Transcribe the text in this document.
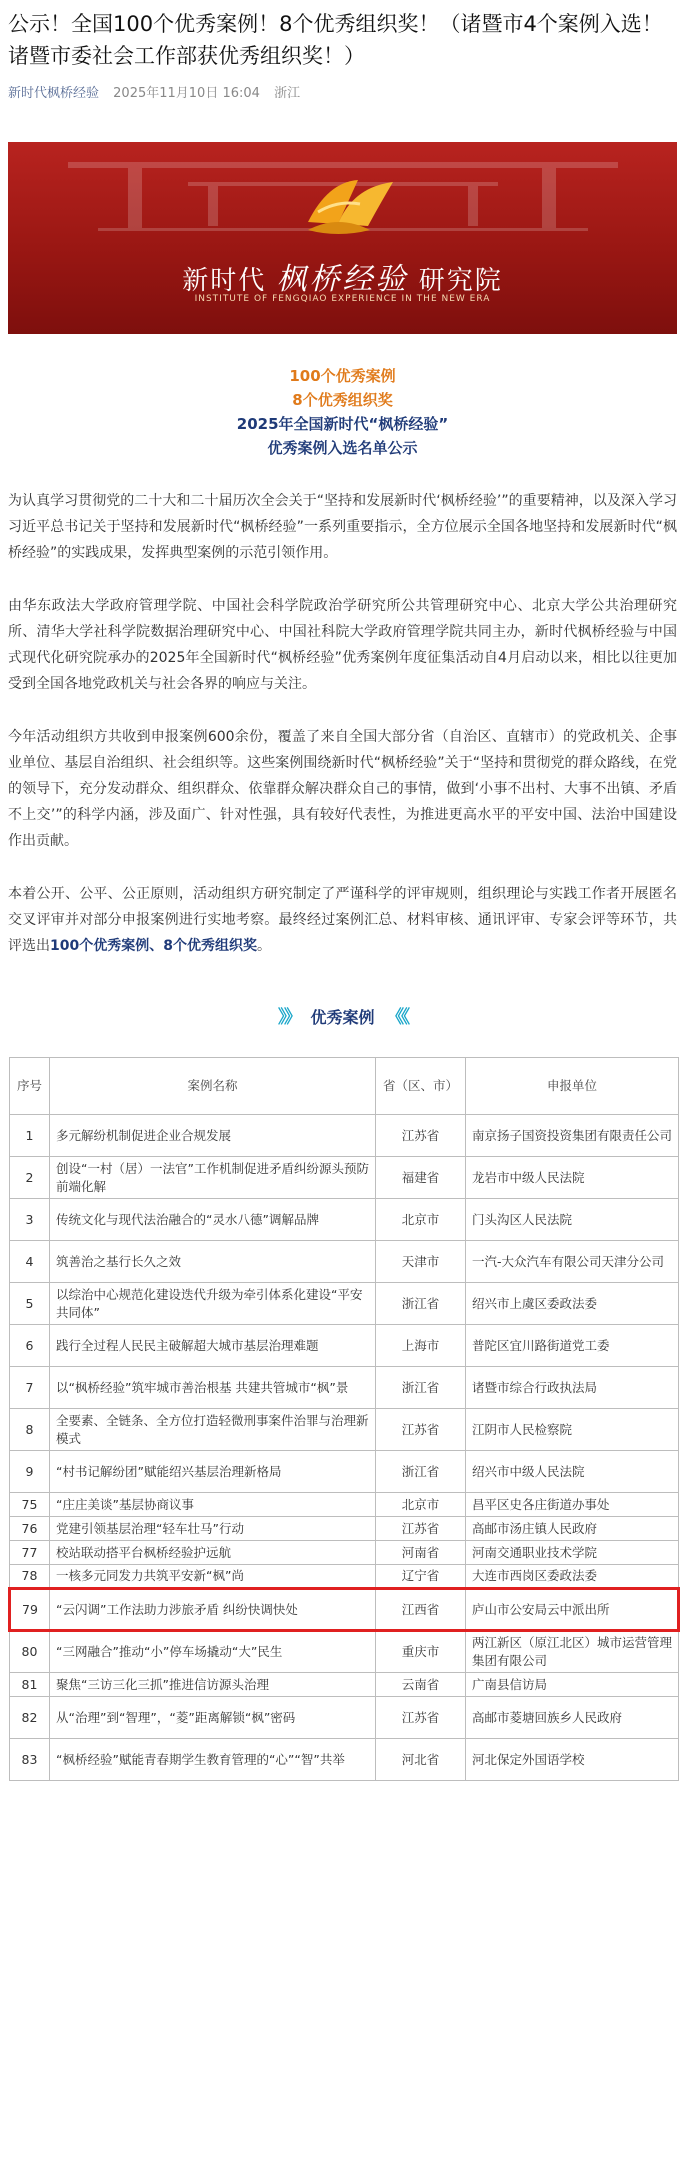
公示！全国100个优秀案例！8个优秀组织奖！（诸暨市4个案例入选！诸暨市委社会工作部获优秀组织奖！）
新时代枫桥经验 2025年11月10日 16:04 浙江
新时代 枫桥经验 研究院
INSTITUTE OF FENGQIAO EXPERIENCE IN THE NEW ERA
100个优秀案例
8个优秀组织奖
2025年全国新时代“枫桥经验”
优秀案例入选名单公示

为认真学习贯彻党的二十大和二十届历次全会关于“坚持和发展新时代‘枫桥经验’”的重要精神，以及深入学习习近平总书记关于坚持和发展新时代“枫桥经验”一系列重要指示，全方位展示全国各地坚持和发展新时代“枫桥经验”的实践成果，发挥典型案例的示范引领作用。

由华东政法大学政府管理学院、中国社会科学院政治学研究所公共管理研究中心、北京大学公共治理研究所、清华大学社科学院数据治理研究中心、中国社科院大学政府管理学院共同主办，新时代枫桥经验与中国式现代化研究院承办的2025年全国新时代“枫桥经验”优秀案例年度征集活动自4月启动以来，相比以往更加受到全国各地党政机关与社会各界的响应与关注。

今年活动组织方共收到申报案例600余份，覆盖了来自全国大部分省（自治区、直辖市）的党政机关、企事业单位、基层自治组织、社会组织等。这些案例围绕新时代“枫桥经验”关于“坚持和贯彻党的群众路线，在党的领导下，充分发动群众、组织群众、依靠群众解决群众自己的事情，做到‘小事不出村、大事不出镇、矛盾不上交’”的科学内涵，涉及面广、针对性强，具有较好代表性，为推进更高水平的平安中国、法治中国建设作出贡献。

本着公开、公平、公正原则，活动组织方研究制定了严谨科学的评审规则，组织理论与实践工作者开展匿名交叉评审并对部分申报案例进行实地考察。最终经过案例汇总、材料审核、通讯评审、专家会评等环节，共评选出100个优秀案例、8个优秀组织奖。

》》 优秀案例 《《
序号	案例名称	省（区、市）	申报单位
1	多元解纷机制促进企业合规发展	江苏省	南京扬子国资投资集团有限责任公司
2	创设“一村（居）一法官”工作机制促进矛盾纠纷源头预防前端化解	福建省	龙岩市中级人民法院
3	传统文化与现代法治融合的“灵水八德”调解品牌	北京市	门头沟区人民法院
4	筑善治之基行长久之效	天津市	一汽-大众汽车有限公司天津分公司
5	以综治中心规范化建设迭代升级为牵引体系化建设“平安共同体”	浙江省	绍兴市上虞区委政法委
6	践行全过程人民民主破解超大城市基层治理难题	上海市	普陀区宜川路街道党工委
7	以“枫桥经验”筑牢城市善治根基 共建共管城市“枫”景	浙江省	诸暨市综合行政执法局
8	全要素、全链条、全方位打造轻微刑事案件治罪与治理新模式	江苏省	江阴市人民检察院
9	“村书记解纷团”赋能绍兴基层治理新格局	浙江省	绍兴市中级人民法院
75	“庄庄美谈”基层协商议事	北京市	昌平区史各庄街道办事处
76	党建引领基层治理“轻车壮马”行动	江苏省	高邮市汤庄镇人民政府
77	校站联动搭平台枫桥经验护远航	河南省	河南交通职业技术学院
78	一核多元同发力共筑平安新“枫”尚	辽宁省	大连市西岗区委政法委
79	“云闪调”工作法助力涉旅矛盾 纠纷快调快处	江西省	庐山市公安局云中派出所
80	“三网融合”推动“小”停车场撬动“大”民生	重庆市	两江新区（原江北区）城市运营管理集团有限公司
81	聚焦“三访三化三抓”推进信访源头治理	云南省	广南县信访局
82	从“治理”到“智理”，“菱”距离解锁“枫”密码	江苏省	高邮市菱塘回族乡人民政府
83	“枫桥经验”赋能青春期学生教育管理的“心”“智”共举	河北省	河北保定外国语学校
